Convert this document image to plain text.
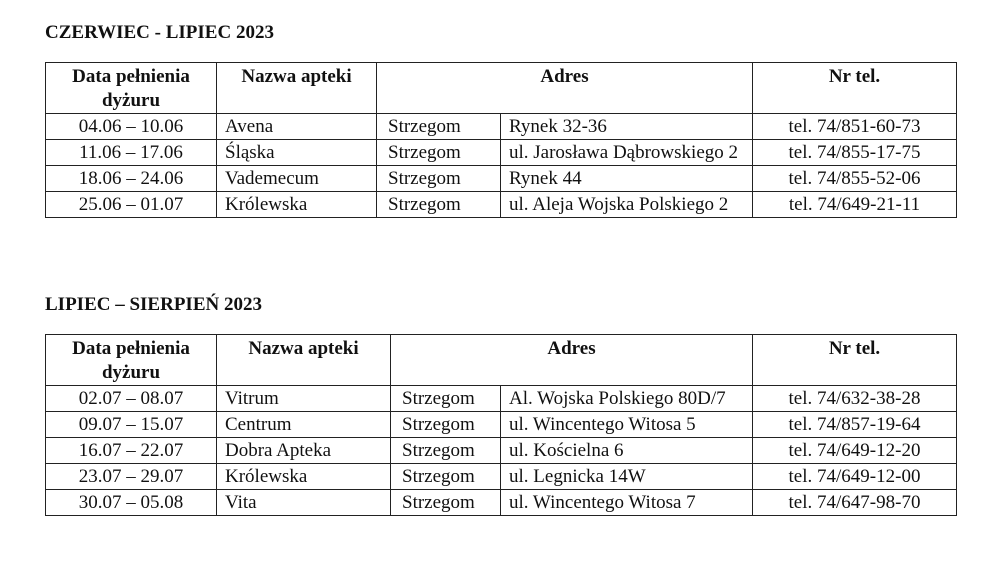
CZERWIEC - LIPIEC 2023
Data pełnienia dyżuru	Nazwa apteki	Adres		Nr tel.
04.06 – 10.06	Avena	Strzegom	Rynek 32-36	tel. 74/851-60-73
11.06 – 17.06	Śląska	Strzegom	ul. Jarosława Dąbrowskiego 2	tel. 74/855-17-75
18.06 – 24.06	Vademecum	Strzegom	Rynek 44	tel. 74/855-52-06
25.06 – 01.07	Królewska	Strzegom	ul. Aleja Wojska Polskiego 2	tel. 74/649-21-11
LIPIEC – SIERPIEŃ 2023
Data pełnienia dyżuru	Nazwa apteki	Adres		Nr tel.
02.07 – 08.07	Vitrum	Strzegom	Al. Wojska Polskiego 80D/7	tel. 74/632-38-28
09.07 – 15.07	Centrum	Strzegom	ul. Wincentego Witosa 5	tel. 74/857-19-64
16.07 – 22.07	Dobra Apteka	Strzegom	ul. Kościelna 6	tel. 74/649-12-20
23.07 – 29.07	Królewska	Strzegom	ul. Legnicka 14W	tel. 74/649-12-00
30.07 – 05.08	Vita	Strzegom	ul. Wincentego Witosa 7	tel. 74/647-98-70
